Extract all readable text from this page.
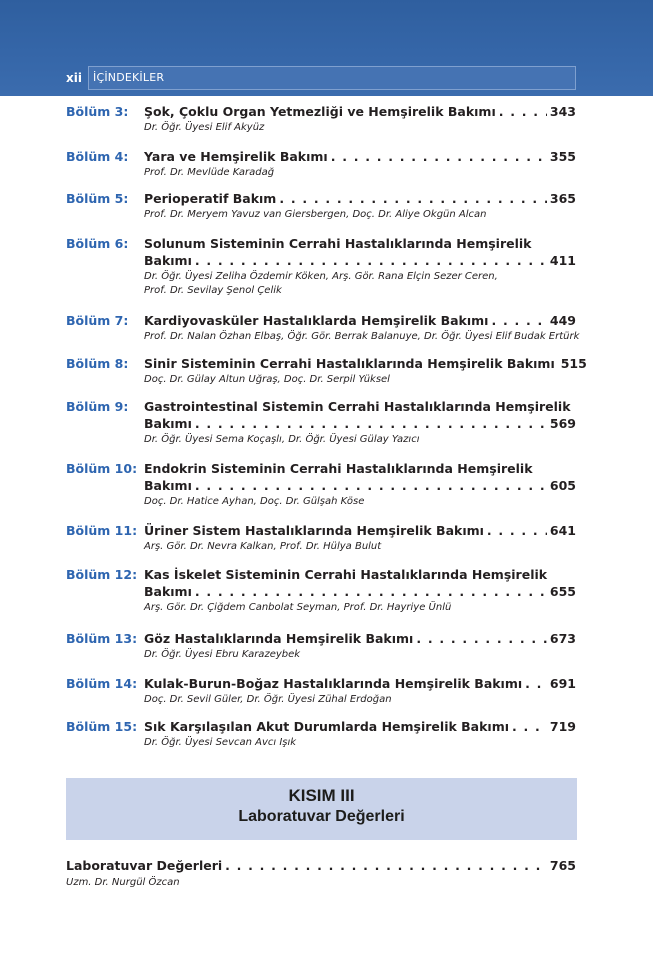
xii	İÇİNDEKİLER
Bölüm 3: Şok, Çoklu Organ Yetmezliği ve Hemşirelik Bakımı . . .	343
Dr. Öğr. Üyesi Elif Akyüz
Bölüm 4: Yara ve Hemşirelik Bakımı . . .	355
Prof. Dr. Mevlüde Karadağ
Bölüm 5: Perioperatif Bakım . . .	365
Prof. Dr. Meryem Yavuz van Giersbergen, Doç. Dr. Aliye Okgün Alcan
Bölüm 6: Solunum Sisteminin Cerrahi Hastalıklarında Hemşirelik
Bakımı . . .	411
Dr. Öğr. Üyesi Zeliha Özdemir Köken, Arş. Gör. Rana Elçin Sezer Ceren,
Prof. Dr. Sevilay Şenol Çelik
Bölüm 7: Kardiyovasküler Hastalıklarda Hemşirelik Bakımı . . .	449
Prof. Dr. Nalan Özhan Elbaş, Öğr. Gör. Berrak Balanuye, Dr. Öğr. Üyesi Elif Budak Ertürk
Bölüm 8: Sinir Sisteminin Cerrahi Hastalıklarında Hemşirelik Bakımı 515
Doç. Dr. Gülay Altun Uğraş, Doç. Dr. Serpil Yüksel
Bölüm 9: Gastrointestinal Sistemin Cerrahi Hastalıklarında Hemşirelik
Bakımı . . .	569
Dr. Öğr. Üyesi Sema Koçaşlı, Dr. Öğr. Üyesi Gülay Yazıcı
Bölüm 10: Endokrin Sisteminin Cerrahi Hastalıklarında Hemşirelik
Bakımı . . .	605
Doç. Dr. Hatice Ayhan, Doç. Dr. Gülşah Köse
Bölüm 11: Üriner Sistem Hastalıklarında Hemşirelik Bakımı . . .	641
Arş. Gör. Dr. Nevra Kalkan, Prof. Dr. Hülya Bulut
Bölüm 12: Kas İskelet Sisteminin Cerrahi Hastalıklarında Hemşirelik
Bakımı . . .	655
Arş. Gör. Dr. Çiğdem Canbolat Seyman, Prof. Dr. Hayriye Ünlü
Bölüm 13: Göz Hastalıklarında Hemşirelik Bakımı . . .	673
Dr. Öğr. Üyesi Ebru Karazeybek
Bölüm 14: Kulak-Burun-Boğaz Hastalıklarında Hemşirelik Bakımı . . . 691
Doç. Dr. Sevil Güler, Dr. Öğr. Üyesi Zühal Erdoğan
Bölüm 15: Sık Karşılaşılan Akut Durumlarda Hemşirelik Bakımı . . .	719
Dr. Öğr. Üyesi Sevcan Avcı Işık
KISIM III
Laboratuvar Değerleri
Laboratuvar Değerleri . . .	765
Uzm. Dr. Nurgül Özcan
